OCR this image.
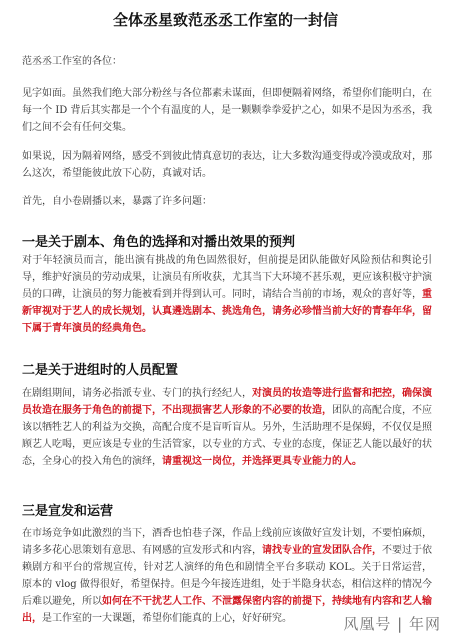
全体丞星致范丞丞工作室的一封信
范丞丞工作室的各位：
见字如面。虽然我们绝大部分粉丝与各位都素未谋面，但即便隔着网络，希望你们能明白，在每一个 ID 背后其实都是一个个有温度的人，是一颗颗拳拳爱护之心，如果不是因为丞丞，我们之间不会有任何交集。
如果说，因为隔着网络，感受不到彼此情真意切的表达，让大多数沟通变得或冷漠或敌对，那么这次，希望能彼此放下心防，真诚对话。
首先，自小卷剧播以来，暴露了许多问题：
一是关于剧本、角色的选择和对播出效果的预判
对于年轻演员而言，能出演有挑战的角色固然很好，但前提是团队能做好风险预估和舆论引导，维护好演员的劳动成果，让演员有所收获，尤其当下大环境不甚乐观，更应该积极守护演员的口碑，让演员的努力能被看到并得到认可。同时，请结合当前的市场，观众的喜好等，重新审视对于艺人的成长规划，认真遴选剧本、挑选角色，请务必珍惜当前大好的青春年华，留下属于青年演员的经典角色。
二是关于进组时的人员配置
在剧组期间，请务必指派专业、专门的执行经纪人，对演员的妆造等进行监督和把控，确保演员妆造在服务于角色的前提下，不出现损害艺人形象的不必要的妆造，团队的高配合度，不应该以牺牲艺人的利益为交换，高配合度不是盲听盲从。另外，生活助理不是保姆，不仅仅是照顾艺人吃喝，更应该是专业的生活管家，以专业的方式、专业的态度，保证艺人能以最好的状态，全身心的投入角色的演绎，请重视这一岗位，并选择更具专业能力的人。
三是宣发和运营
在市场竞争如此激烈的当下，酒香也怕巷子深，作品上线前应该做好宣发计划，不要怕麻烦，请多多花心思策划有意思、有网感的宣发形式和内容，请找专业的宣发团队合作，不要过于依赖剧方和平台的常规宣传，针对艺人演绎的角色和剧情全平台多联动 KOL。关于日常运营，原本的 vlog 做得很好，希望保持。但是今年接连进组，处于半隐身状态，相信这样的情况今后难以避免，所以如何在不干扰艺人工作、不泄露保密内容的前提下，持续地有内容和艺人输出，是工作室的一大课题，希望你们能真的上心，好好研究。	风凰号 | 年网
